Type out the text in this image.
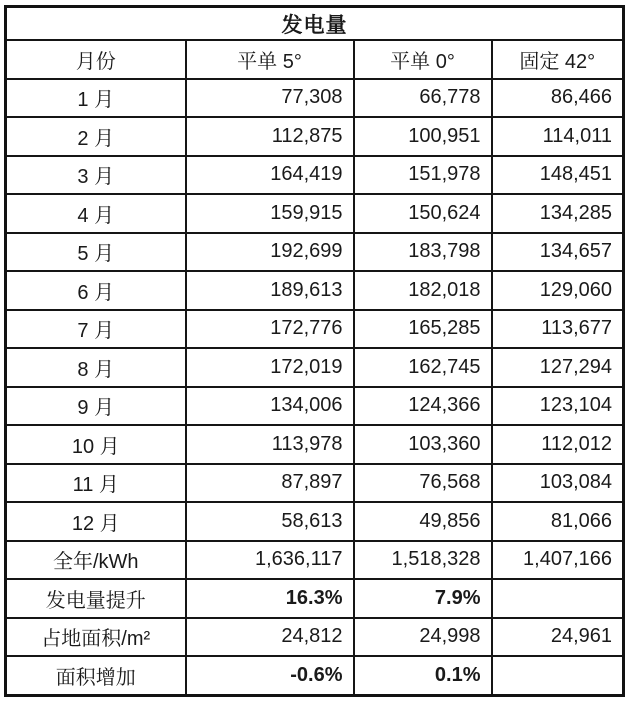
发电量			
月份	平单 5°	平单 0°	固定 42°
1 月	77,308	66,778	86,466
2 月	112,875	100,951	114,011
3 月	164,419	151,978	148,451
4 月	159,915	150,624	134,285
5 月	192,699	183,798	134,657
6 月	189,613	182,018	129,060
7 月	172,776	165,285	113,677
8 月	172,019	162,745	127,294
9 月	134,006	124,366	123,104
10 月	113,978	103,360	112,012
11 月	87,897	76,568	103,084
12 月	58,613	49,856	81,066
全年/kWh	1,636,117	1,518,328	1,407,166
发电量提升	16.3%	7.9%	
占地面积/m²	24,812	24,998	24,961
面积增加	-0.6%	0.1%	
